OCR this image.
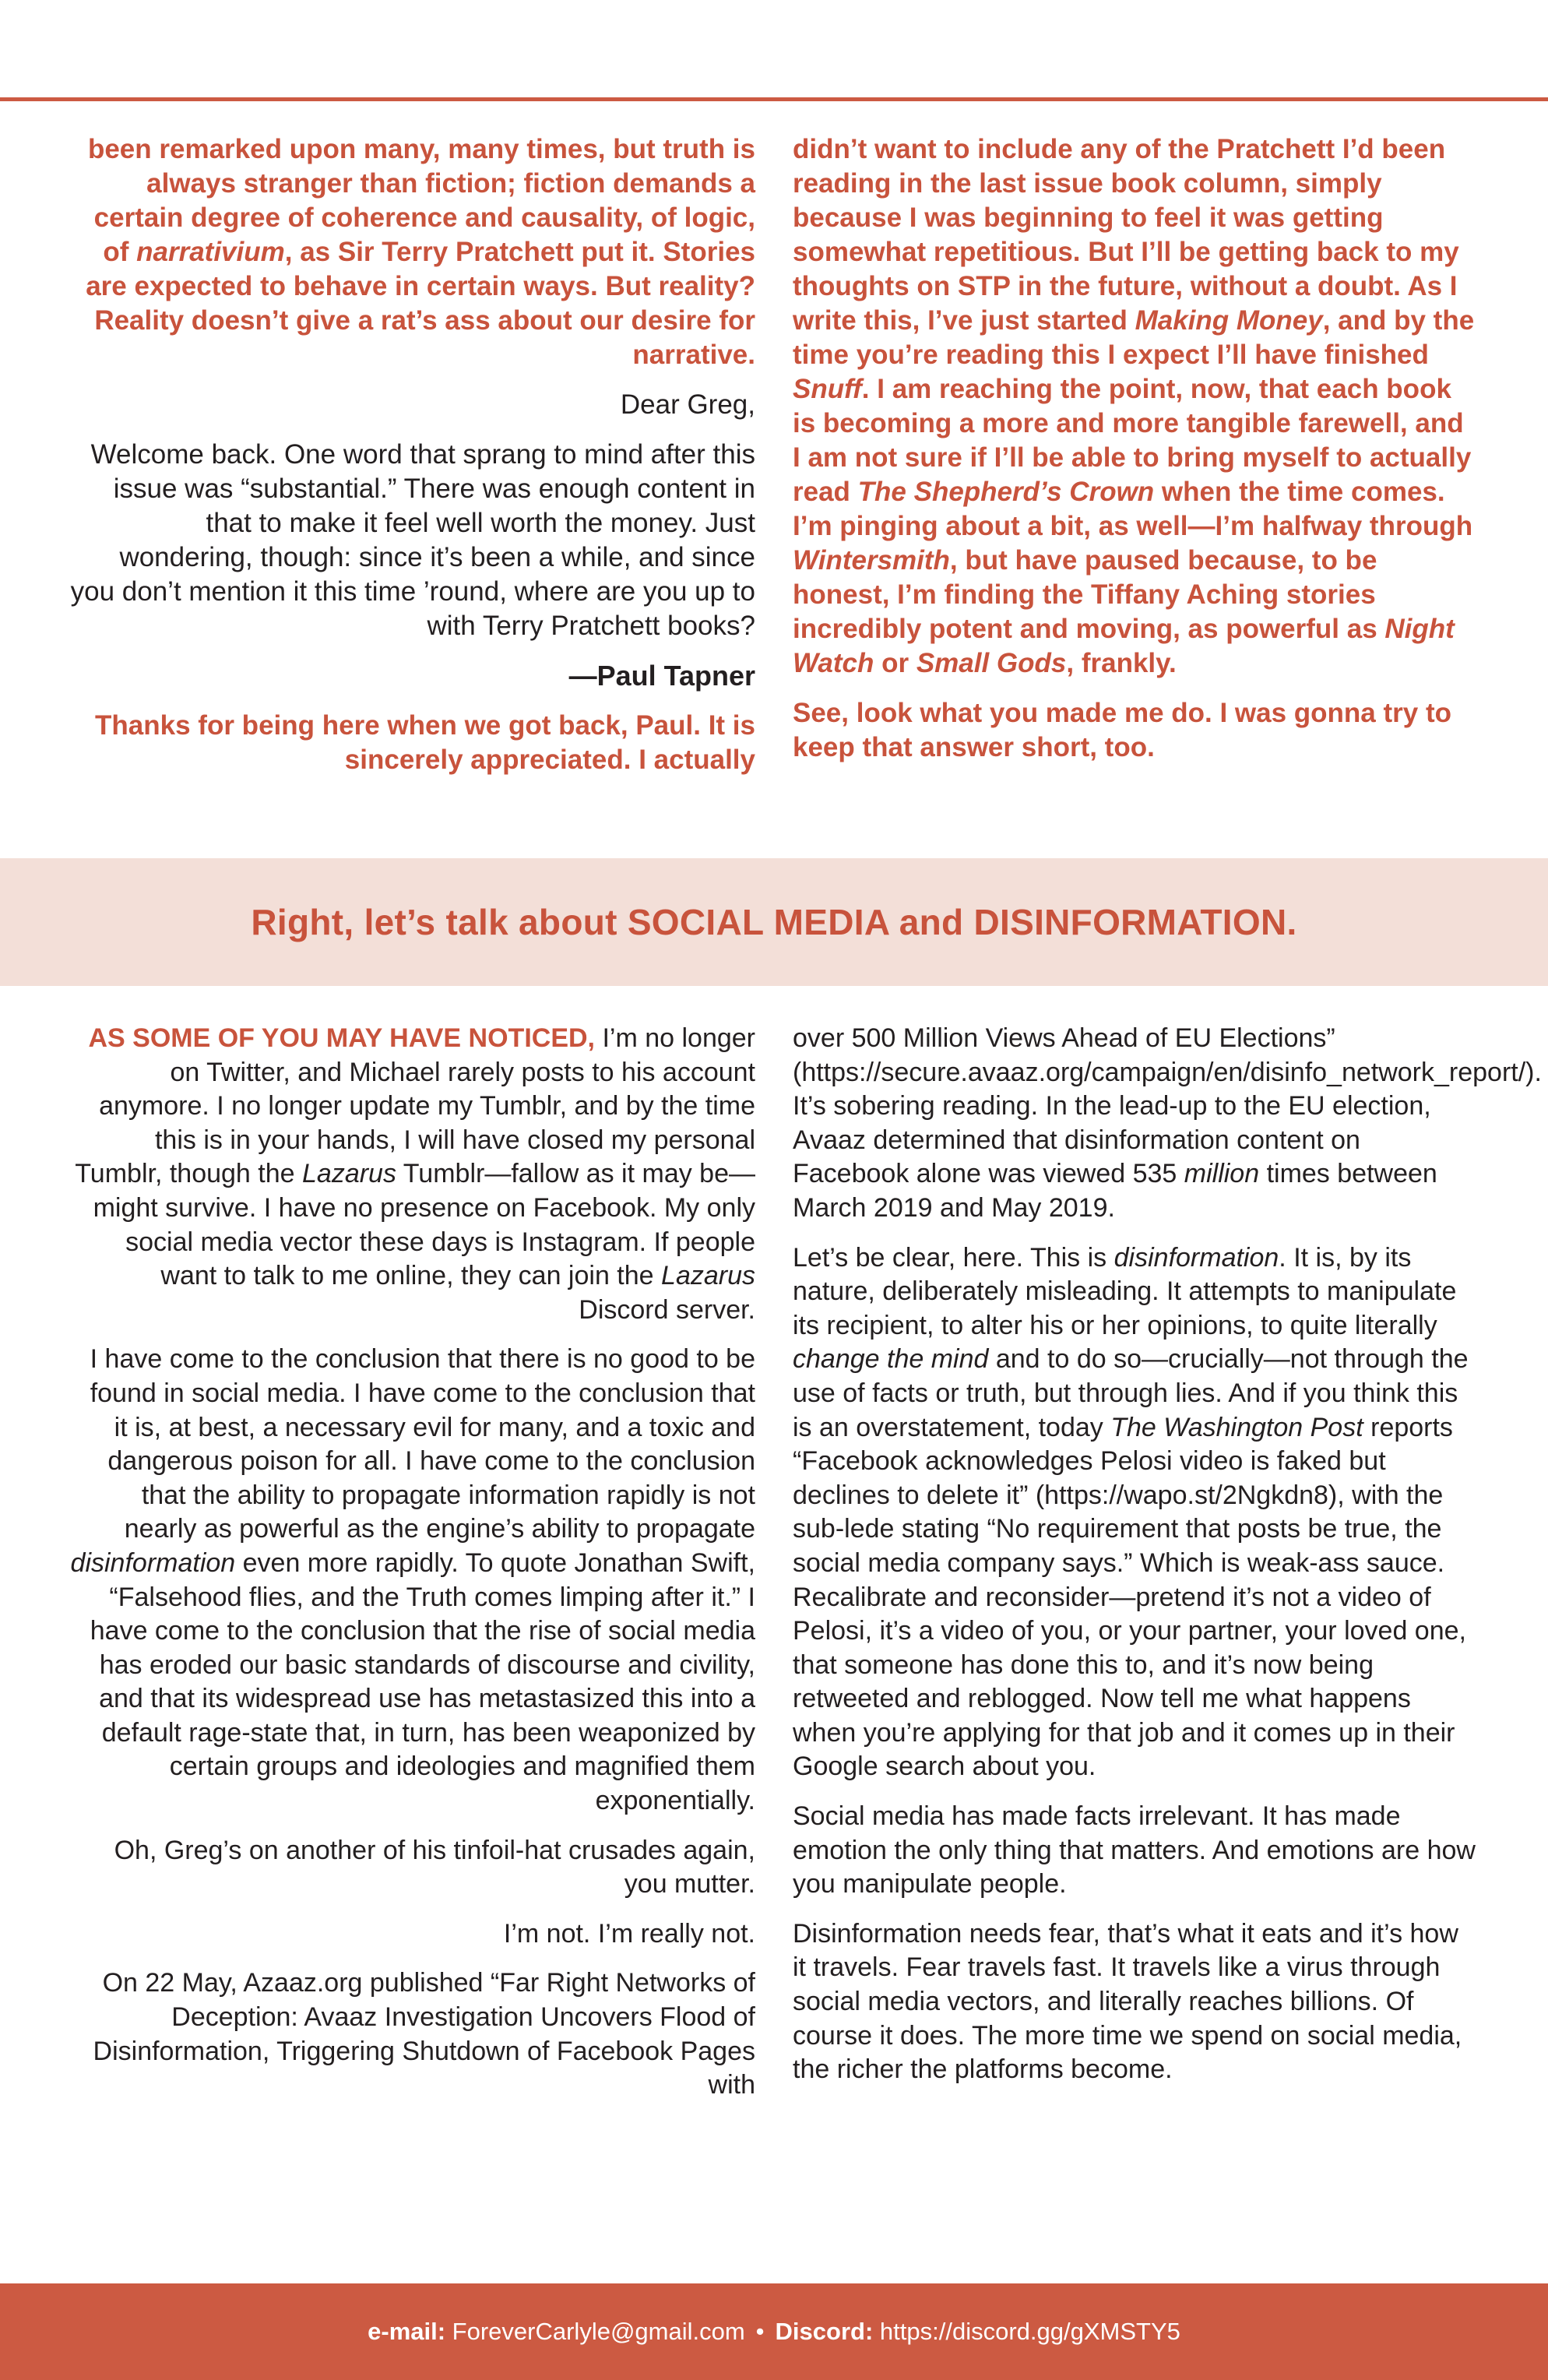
been remarked upon many, many times, but truth is always stranger than fiction; fiction demands a certain degree of coherence and causality, of logic, of narrativium, as Sir Terry Pratchett put it. Stories are expected to behave in certain ways. But reality? Reality doesn’t give a rat’s ass about our desire for narrative.

Dear Greg,

Welcome back. One word that sprang to mind after this issue was “substantial.” There was enough content in that to make it feel well worth the money. Just wondering, though: since it’s been a while, and since you don’t mention it this time ’round, where are you up to with Terry Pratchett books?

—Paul Tapner

Thanks for being here when we got back, Paul. It is sincerely appreciated. I actually

didn’t want to include any of the Pratchett I’d been reading in the last issue book column, simply because I was beginning to feel it was getting somewhat repetitious. But I’ll be getting back to my thoughts on STP in the future, without a doubt. As I write this, I’ve just started Making Money, and by the time you’re reading this I expect I’ll have finished Snuff. I am reaching the point, now, that each book is becoming a more and more tangible farewell, and I am not sure if I’ll be able to bring myself to actually read The Shepherd’s Crown when the time comes. I’m pinging about a bit, as well—I’m halfway through Wintersmith, but have paused because, to be honest, I’m finding the Tiffany Aching stories incredibly potent and moving, as powerful as Night Watch or Small Gods, frankly.

See, look what you made me do. I was gonna try to keep that answer short, too.

Right, let’s talk about SOCIAL MEDIA and DISINFORMATION.

AS SOME OF YOU MAY HAVE NOTICED, I’m no longer on Twitter, and Michael rarely posts to his account anymore. I no longer update my Tumblr, and by the time this is in your hands, I will have closed my personal Tumblr, though the Lazarus Tumblr—fallow as it may be—might survive. I have no presence on Facebook. My only social media vector these days is Instagram. If people want to talk to me online, they can join the Lazarus Discord server.

I have come to the conclusion that there is no good to be found in social media. I have come to the conclusion that it is, at best, a necessary evil for many, and a toxic and dangerous poison for all. I have come to the conclusion that the ability to propagate information rapidly is not nearly as powerful as the engine’s ability to propagate disinformation even more rapidly. To quote Jonathan Swift, “Falsehood flies, and the Truth comes limping after it.” I have come to the conclusion that the rise of social media has eroded our basic standards of discourse and civility, and that its widespread use has metastasized this into a default rage-state that, in turn, has been weaponized by certain groups and ideologies and magnified them exponentially.

Oh, Greg’s on another of his tinfoil-hat crusades again, you mutter.

I’m not. I’m really not.

On 22 May, Azaaz.org published “Far Right Networks of Deception: Avaaz Investigation Uncovers Flood of Disinformation, Triggering Shutdown of Facebook Pages with

over 500 Million Views Ahead of EU Elections” (https://secure.avaaz.org/campaign/en/disinfo_network_report/). It’s sobering reading. In the lead-up to the EU election, Avaaz determined that disinformation content on Facebook alone was viewed 535 million times between March 2019 and May 2019.

Let’s be clear, here. This is disinformation. It is, by its nature, deliberately misleading. It attempts to manipulate its recipient, to alter his or her opinions, to quite literally change the mind and to do so—crucially—not through the use of facts or truth, but through lies. And if you think this is an overstatement, today The Washington Post reports “Facebook acknowledges Pelosi video is faked but declines to delete it” (https://wapo.st/2Ngkdn8), with the sub-lede stating “No requirement that posts be true, the social media company says.” Which is weak-ass sauce. Recalibrate and reconsider—pretend it’s not a video of Pelosi, it’s a video of you, or your partner, your loved one, that someone has done this to, and it’s now being retweeted and reblogged. Now tell me what happens when you’re applying for that job and it comes up in their Google search about you.

Social media has made facts irrelevant. It has made emotion the only thing that matters. And emotions are how you manipulate people.

Disinformation needs fear, that’s what it eats and it’s how it travels. Fear travels fast. It travels like a virus through social media vectors, and literally reaches billions. Of course it does. The more time we spend on social media, the richer the platforms become.

e-mail:
ForeverCarlyle@gmail.com • Discord:
https://discord.gg/gXMSTY5
